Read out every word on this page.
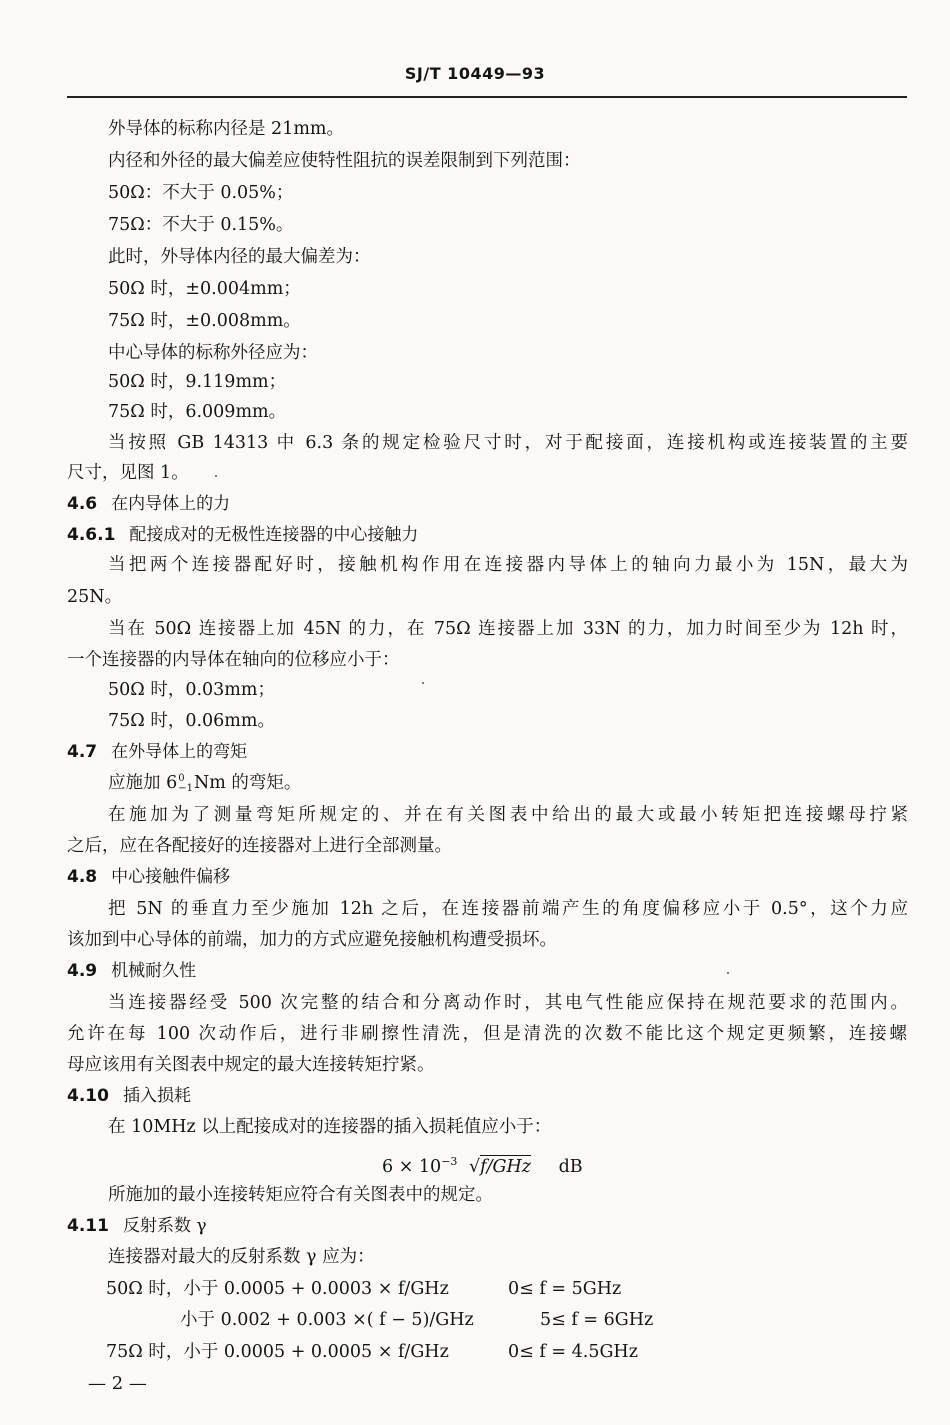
SJ/T 10449—93
外导体的标称内径是 21mm。
内径和外径的最大偏差应使特性阻抗的误差限制到下列范围：
50Ω：不大于 0.05%；
75Ω：不大于 0.15%。
此时，外导体内径的最大偏差为：
50Ω 时，±0.004mm；
75Ω 时，±0.008mm。
中心导体的标称外径应为：
50Ω 时，9.119mm；
75Ω 时，6.009mm。
当按照 GB 14313 中 6.3 条的规定检验尺寸时，对于配接面，连接机构或连接装置的主要
尺寸，见图 1。
4.6 在内导体上的力
4.6.1 配接成对的无极性连接器的中心接触力
当把两个连接器配好时，接触机构作用在连接器内导体上的轴向力最小为 15N，最大为
25N。
当在 50Ω 连接器上加 45N 的力，在 75Ω 连接器上加 33N 的力，加力时间至少为 12h 时，
一个连接器的内导体在轴向的位移应小于：
50Ω 时，0.03mm；
75Ω 时，0.06mm。
4.7 在外导体上的弯矩
应施加 6 0
−1 Nm 的弯矩。
在施加为了测量弯矩所规定的、并在有关图表中给出的最大或最小转矩把连接螺母拧紧
之后，应在各配接好的连接器对上进行全部测量。
4.8 中心接触件偏移
把 5N 的垂直力至少施加 12h 之后，在连接器前端产生的角度偏移应小于 0.5°，这个力应
该加到中心导体的前端，加力的方式应避免接触机构遭受损坏。
4.9 机械耐久性
当连接器经受 500 次完整的结合和分离动作时，其电气性能应保持在规范要求的范围内。
允许在每 100 次动作后，进行非刷擦性清洗，但是清洗的次数不能比这个规定更频繁，连接螺
母应该用有关图表中规定的最大连接转矩拧紧。
4.10 插入损耗
在 10MHz 以上配接成对的连接器的插入损耗值应小于：
$6 \times 10^{-3}$ √f/GHz dB
所施加的最小连接转矩应符合有关图表中的规定。
4.11 反射系数 γ
连接器对最大的反射系数 γ 应为：
50Ω 时，小于 0.0005 + 0.0003 × f/GHz	0≤ f = 5GHz
小于 0.002 + 0.003 ×( f − 5)/GHz	5≤ f = 6GHz
75Ω 时，小于 0.0005 + 0.0005 × f/GHz	0≤ f = 4.5GHz
— 2 —
